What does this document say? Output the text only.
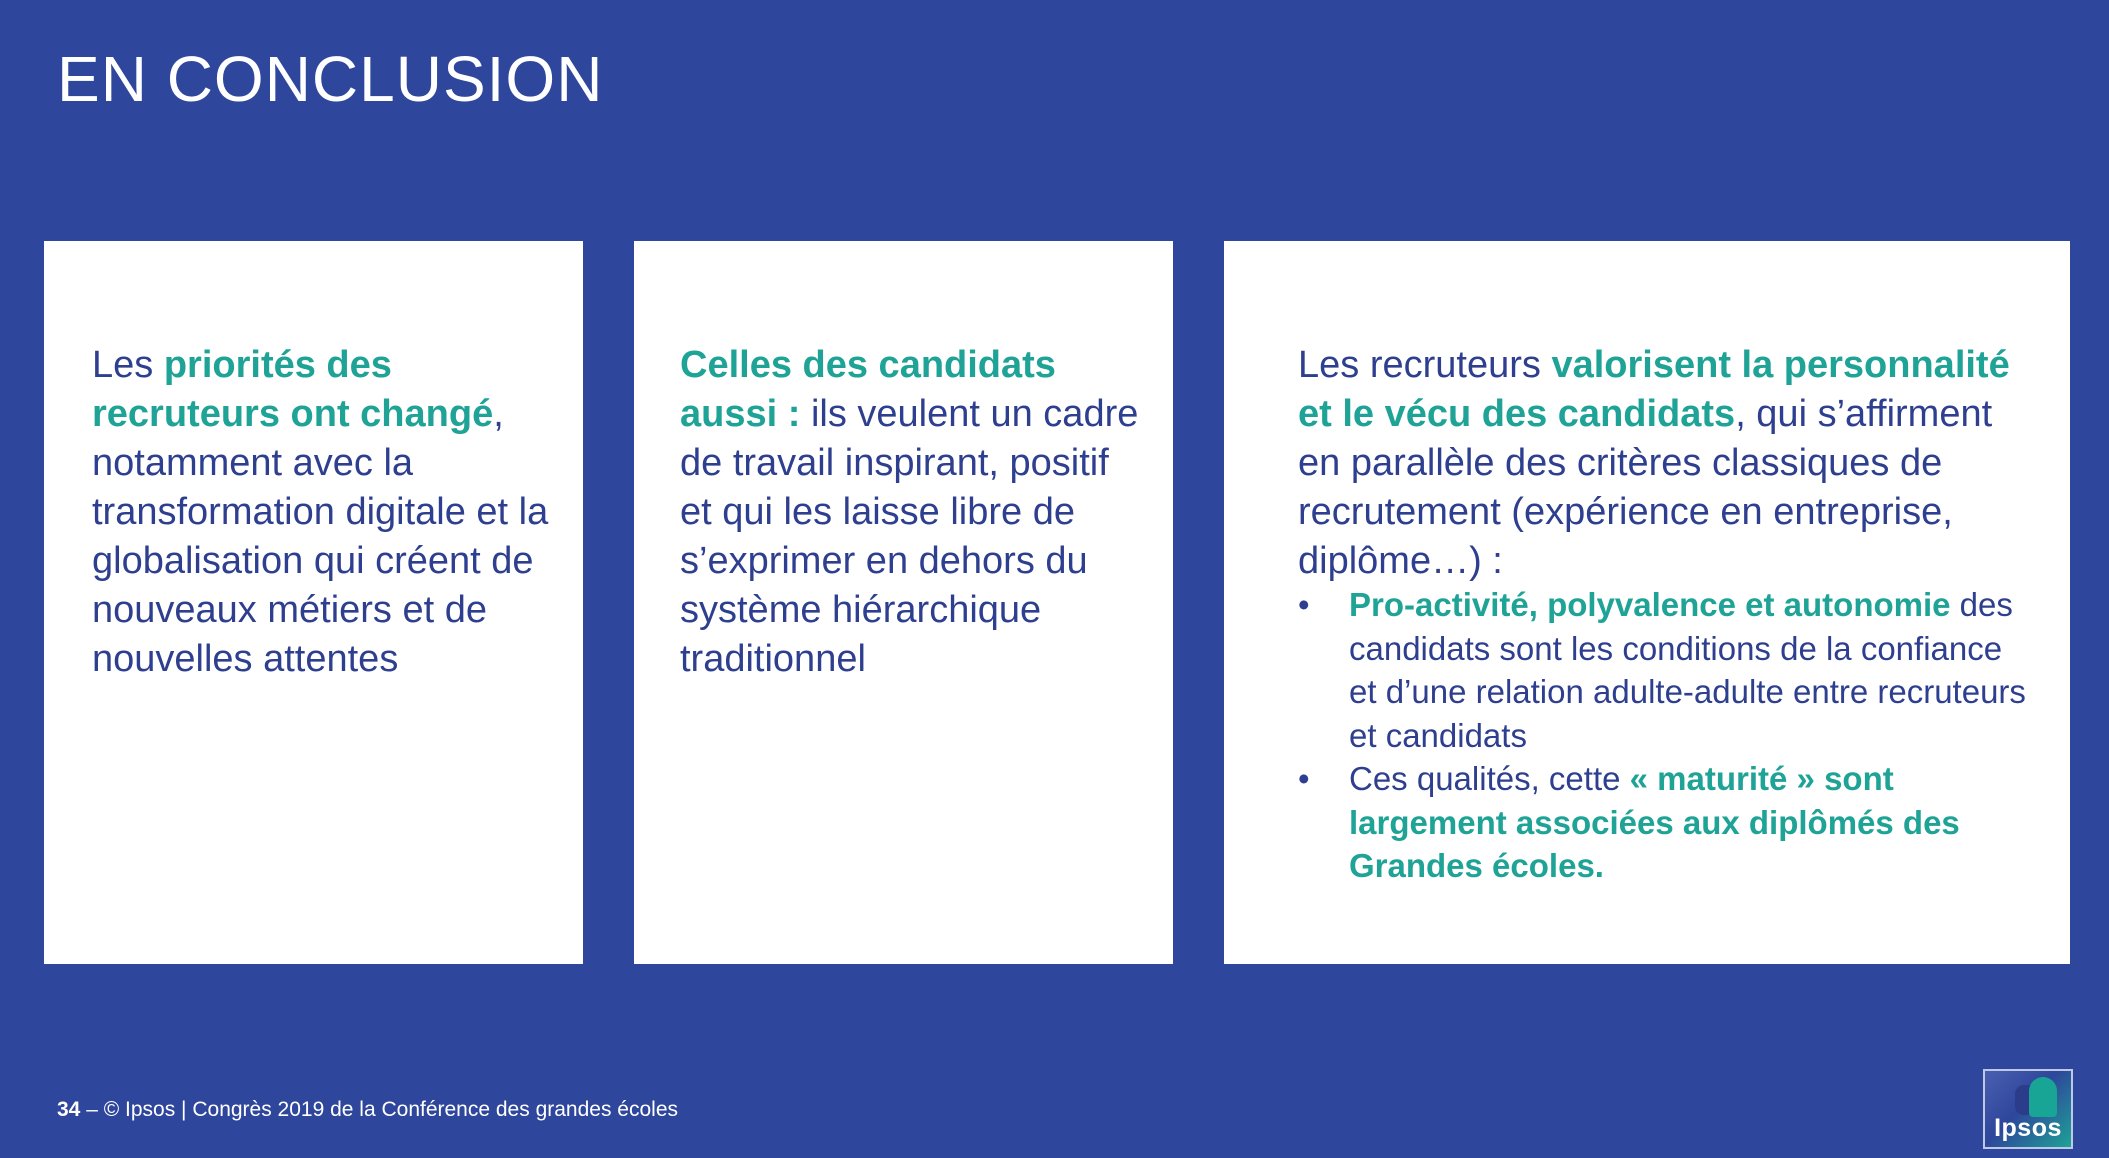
EN CONCLUSION

Les priorités des recruteurs ont changé, notamment avec la transformation digitale et la globalisation qui créent de nouveaux métiers et de nouvelles attentes

Celles des candidats aussi : ils veulent un cadre de travail inspirant, positif et qui les laisse libre de s’exprimer en dehors du système hiérarchique traditionnel

Les recruteurs valorisent la personnalité et le vécu des candidats, qui s’affirment en parallèle des critères classiques de recrutement (expérience en entreprise, diplôme…) :

•	Pro-activité, polyvalence et autonomie des candidats sont les conditions de la confiance et d’une relation adulte-adulte entre recruteurs et candidats
•	Ces qualités, cette « maturité » sont largement associées aux diplômés des Grandes écoles.
34 – © Ipsos | Congrès 2019 de la Conférence des grandes écoles
Ipsos
